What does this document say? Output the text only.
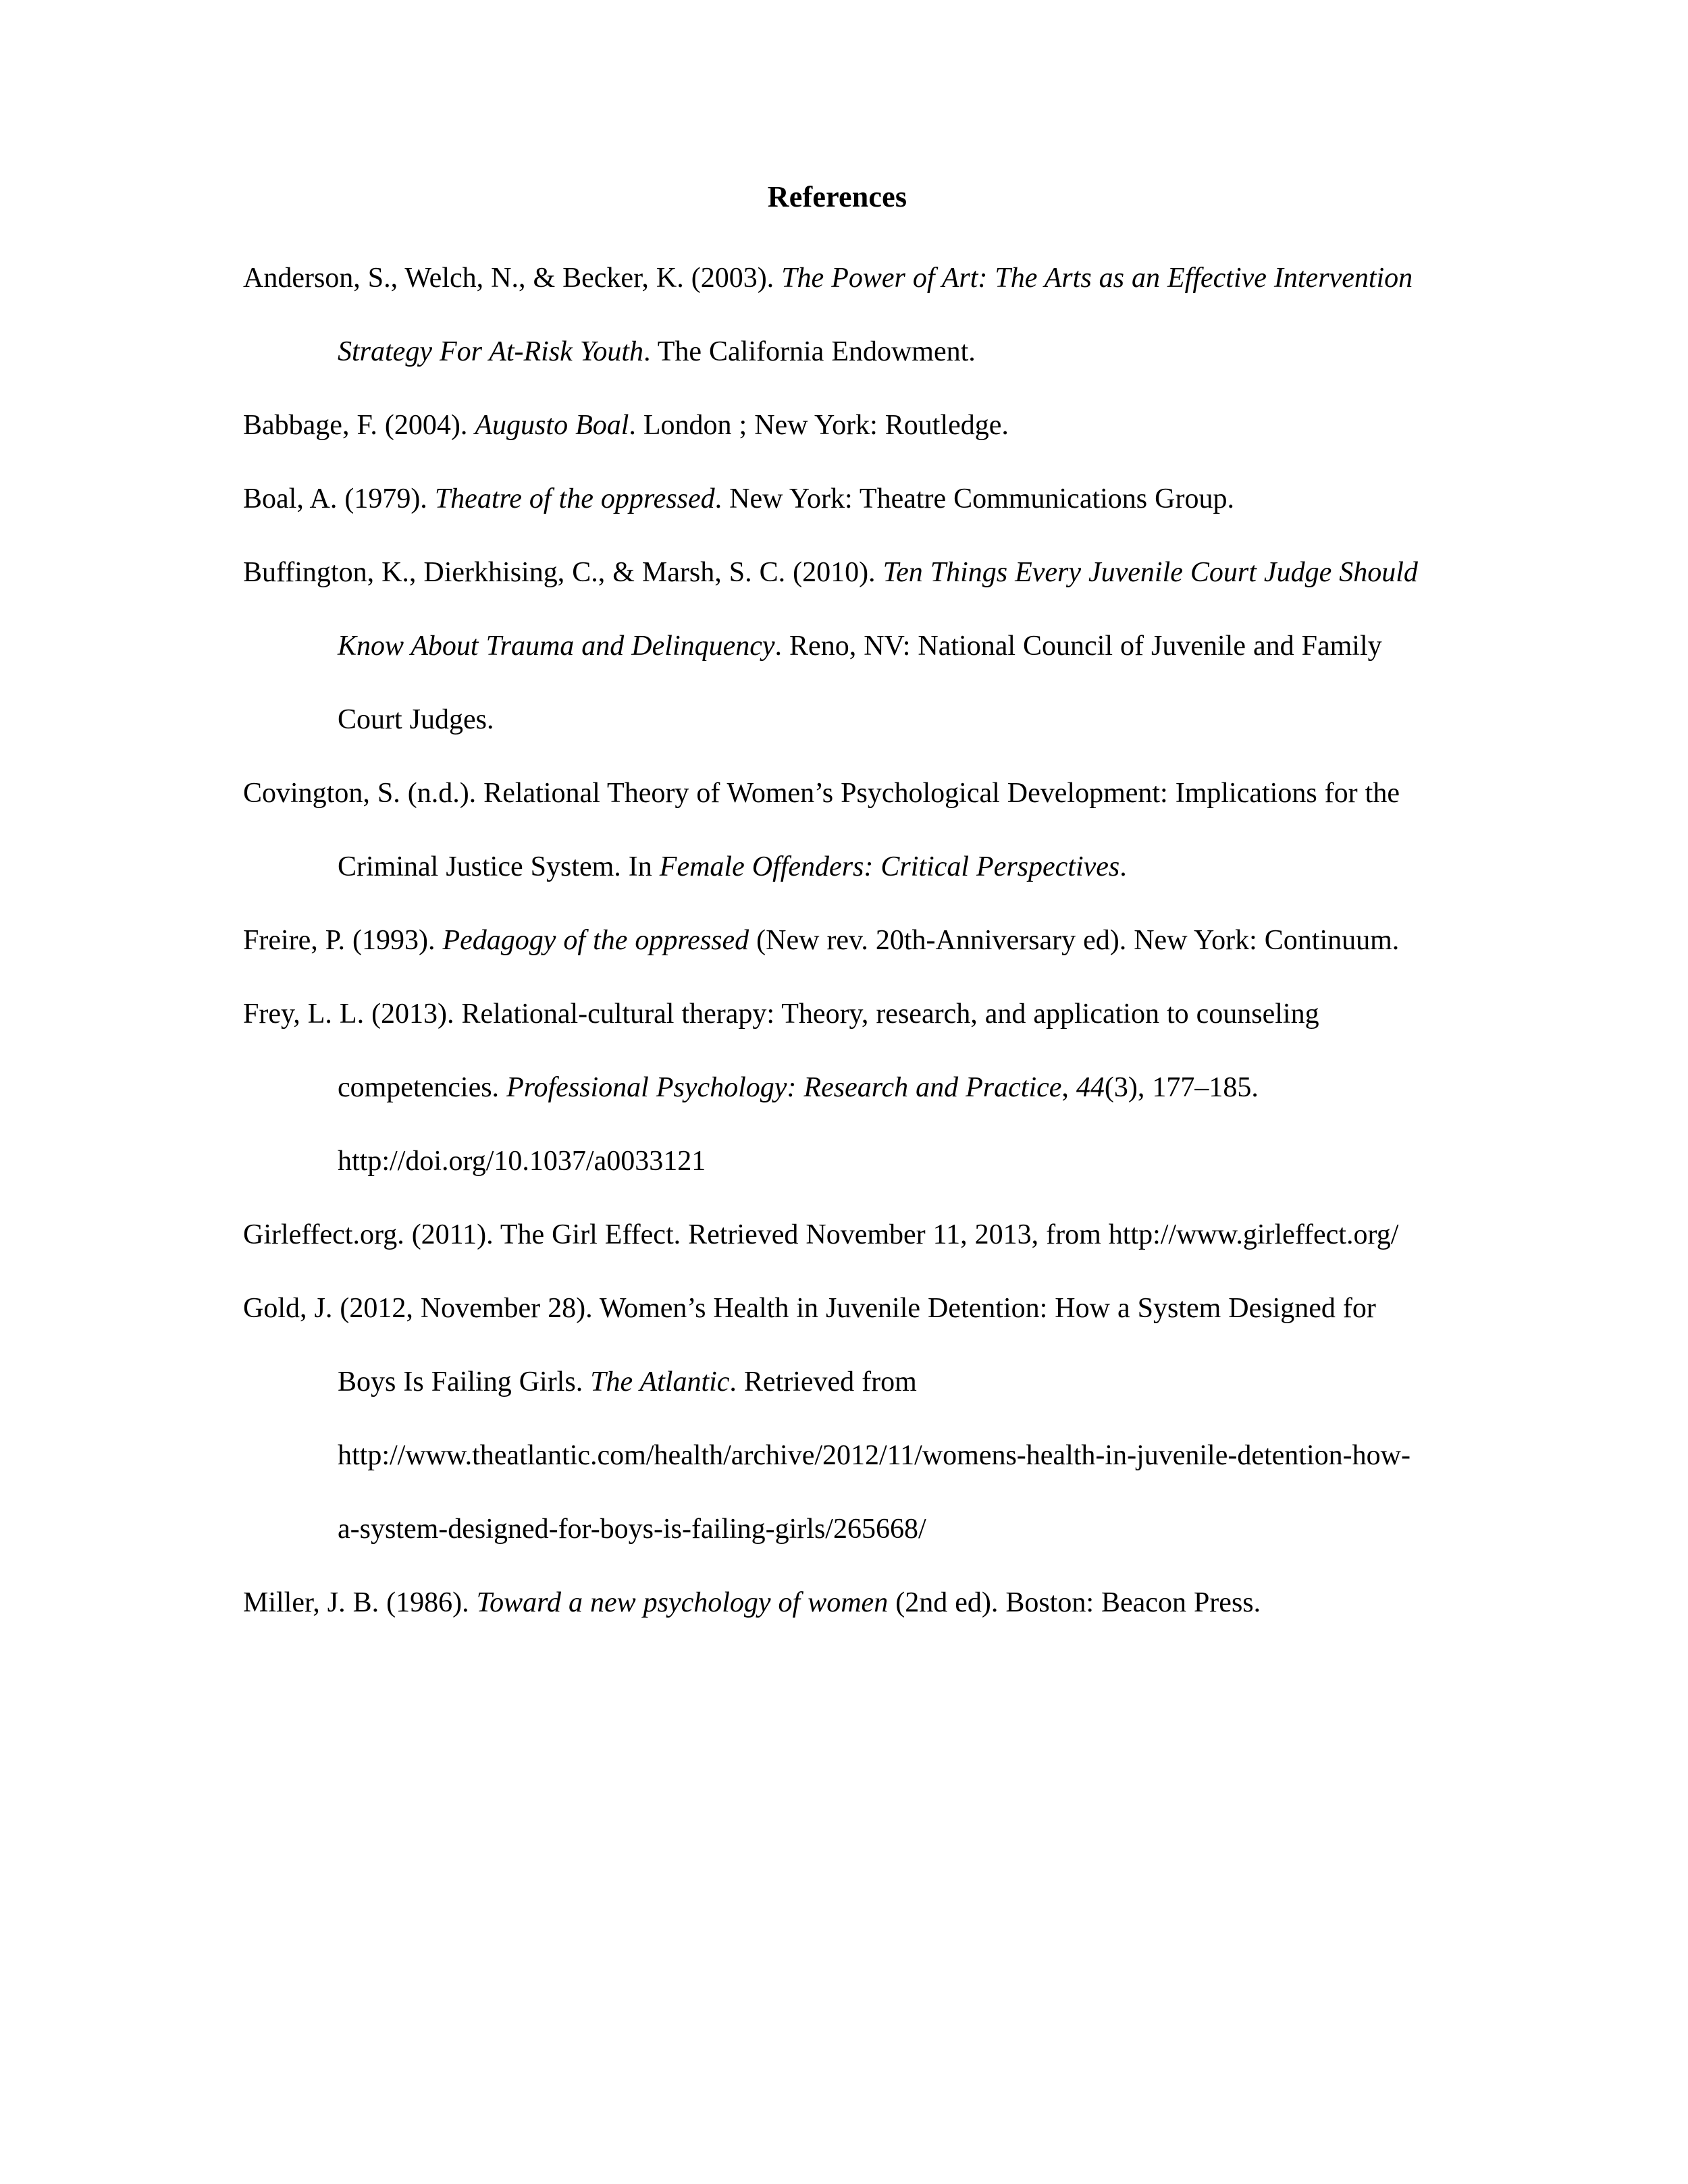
References

Anderson, S., Welch, N., & Becker, K. (2003). The Power of Art: The Arts as an Effective Intervention Strategy For At-Risk Youth. The California Endowment.

Babbage, F. (2004). Augusto Boal. London ; New York: Routledge.

Boal, A. (1979). Theatre of the oppressed. New York: Theatre Communications Group.

Buffington, K., Dierkhising, C., & Marsh, S. C. (2010). Ten Things Every Juvenile Court Judge Should Know About Trauma and Delinquency. Reno, NV: National Council of Juvenile and Family Court Judges.

Covington, S. (n.d.). Relational Theory of Women’s Psychological Development: Implications for the Criminal Justice System. In Female Offenders: Critical Perspectives.

Freire, P. (1993). Pedagogy of the oppressed (New rev. 20th-Anniversary ed). New York: Continuum.

Frey, L. L. (2013). Relational-cultural therapy: Theory, research, and application to counseling competencies. Professional Psychology: Research and Practice, 44(3), 177–185. http://doi.org/10.1037/a0033121

Girleffect.org. (2011). The Girl Effect. Retrieved November 11, 2013, from http://www.girleffect.org/

Gold, J. (2012, November 28). Women’s Health in Juvenile Detention: How a System Designed for Boys Is Failing Girls. The Atlantic. Retrieved from http://www.theatlantic.com/health/archive/2012/11/womens-health-in-juvenile-detention-how-a-system-designed-for-boys-is-failing-girls/265668/

Miller, J. B. (1986). Toward a new psychology of women (2nd ed). Boston: Beacon Press.
